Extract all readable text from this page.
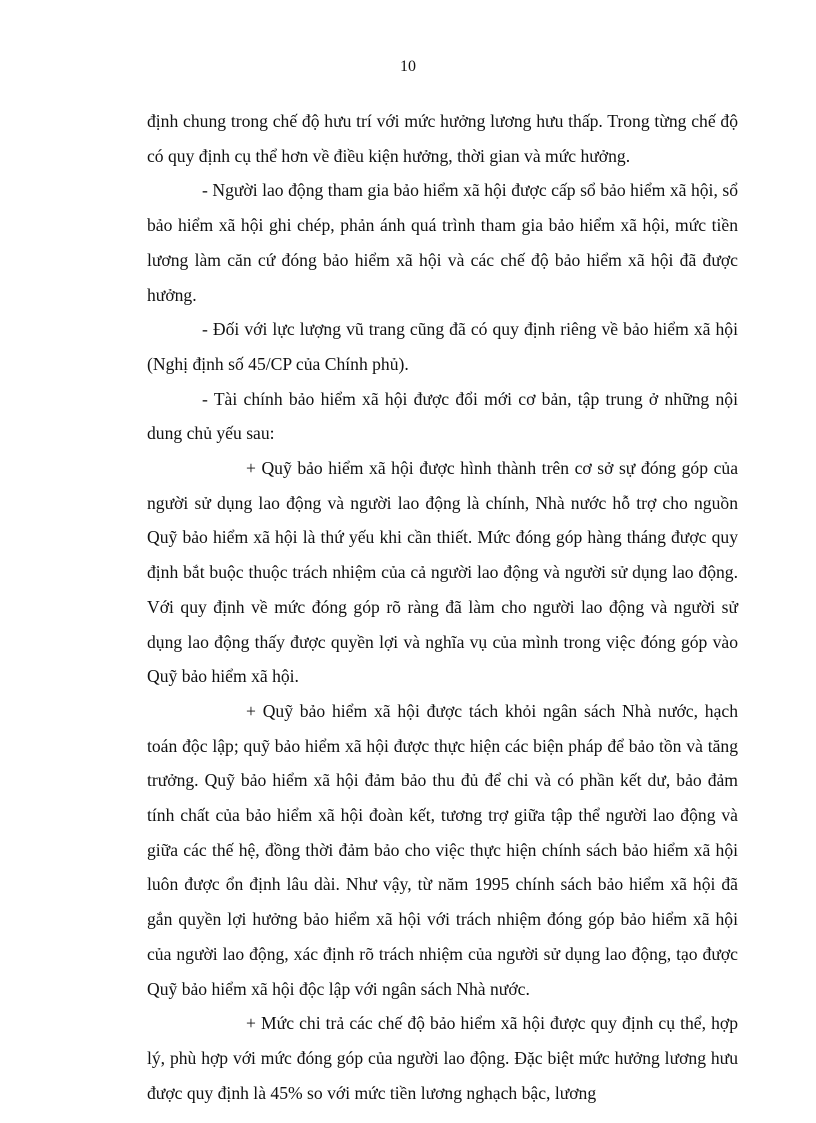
10

định chung trong chế độ hưu trí với mức hưởng lương hưu thấp. Trong từng chế độ có quy định cụ thể hơn về điều kiện hưởng, thời gian và mức hưởng.

- Người lao động tham gia bảo hiểm xã hội được cấp sổ bảo hiểm xã hội, sổ bảo hiểm xã hội ghi chép, phản ánh quá trình tham gia bảo hiểm xã hội, mức tiền lương làm căn cứ đóng bảo hiểm xã hội và các chế độ bảo hiểm xã hội đã được hưởng.

- Đối với lực lượng vũ trang cũng đã có quy định riêng về bảo hiểm xã hội (Nghị định số 45/CP của Chính phủ).

- Tài chính bảo hiểm xã hội được đổi mới cơ bản, tập trung ở những nội dung chủ yếu sau:

+ Quỹ bảo hiểm xã hội được hình thành trên cơ sở sự đóng góp của người sử dụng lao động và người lao động là chính, Nhà nước hỗ trợ cho nguồn Quỹ bảo hiểm xã hội là thứ yếu khi cần thiết. Mức đóng góp hàng tháng được quy định bắt buộc thuộc trách nhiệm của cả người lao động và người sử dụng lao động. Với quy định về mức đóng góp rõ ràng đã làm cho người lao động và người sử dụng lao động thấy được quyền lợi và nghĩa vụ của mình trong việc đóng góp vào Quỹ bảo hiểm xã hội.

+ Quỹ bảo hiểm xã hội được tách khỏi ngân sách Nhà nước, hạch toán độc lập; quỹ bảo hiểm xã hội được thực hiện các biện pháp để bảo tồn và tăng trưởng. Quỹ bảo hiểm xã hội đảm bảo thu đủ để chi và có phần kết dư, bảo đảm tính chất của bảo hiểm xã hội đoàn kết, tương trợ giữa tập thể người lao động và giữa các thế hệ, đồng thời đảm bảo cho việc thực hiện chính sách bảo hiểm xã hội luôn được ổn định lâu dài. Như vậy, từ năm 1995 chính sách bảo hiểm xã hội đã gắn quyền lợi hưởng bảo hiểm xã hội với trách nhiệm đóng góp bảo hiểm xã hội của người lao động, xác định rõ trách nhiệm của người sử dụng lao động, tạo được Quỹ bảo hiểm xã hội độc lập với ngân sách Nhà nước.

+ Mức chi trả các chế độ bảo hiểm xã hội được quy định cụ thể, hợp lý, phù hợp với mức đóng góp của người lao động. Đặc biệt mức hưởng lương hưu được quy định là 45% so với mức tiền lương nghạch bậc, lương
